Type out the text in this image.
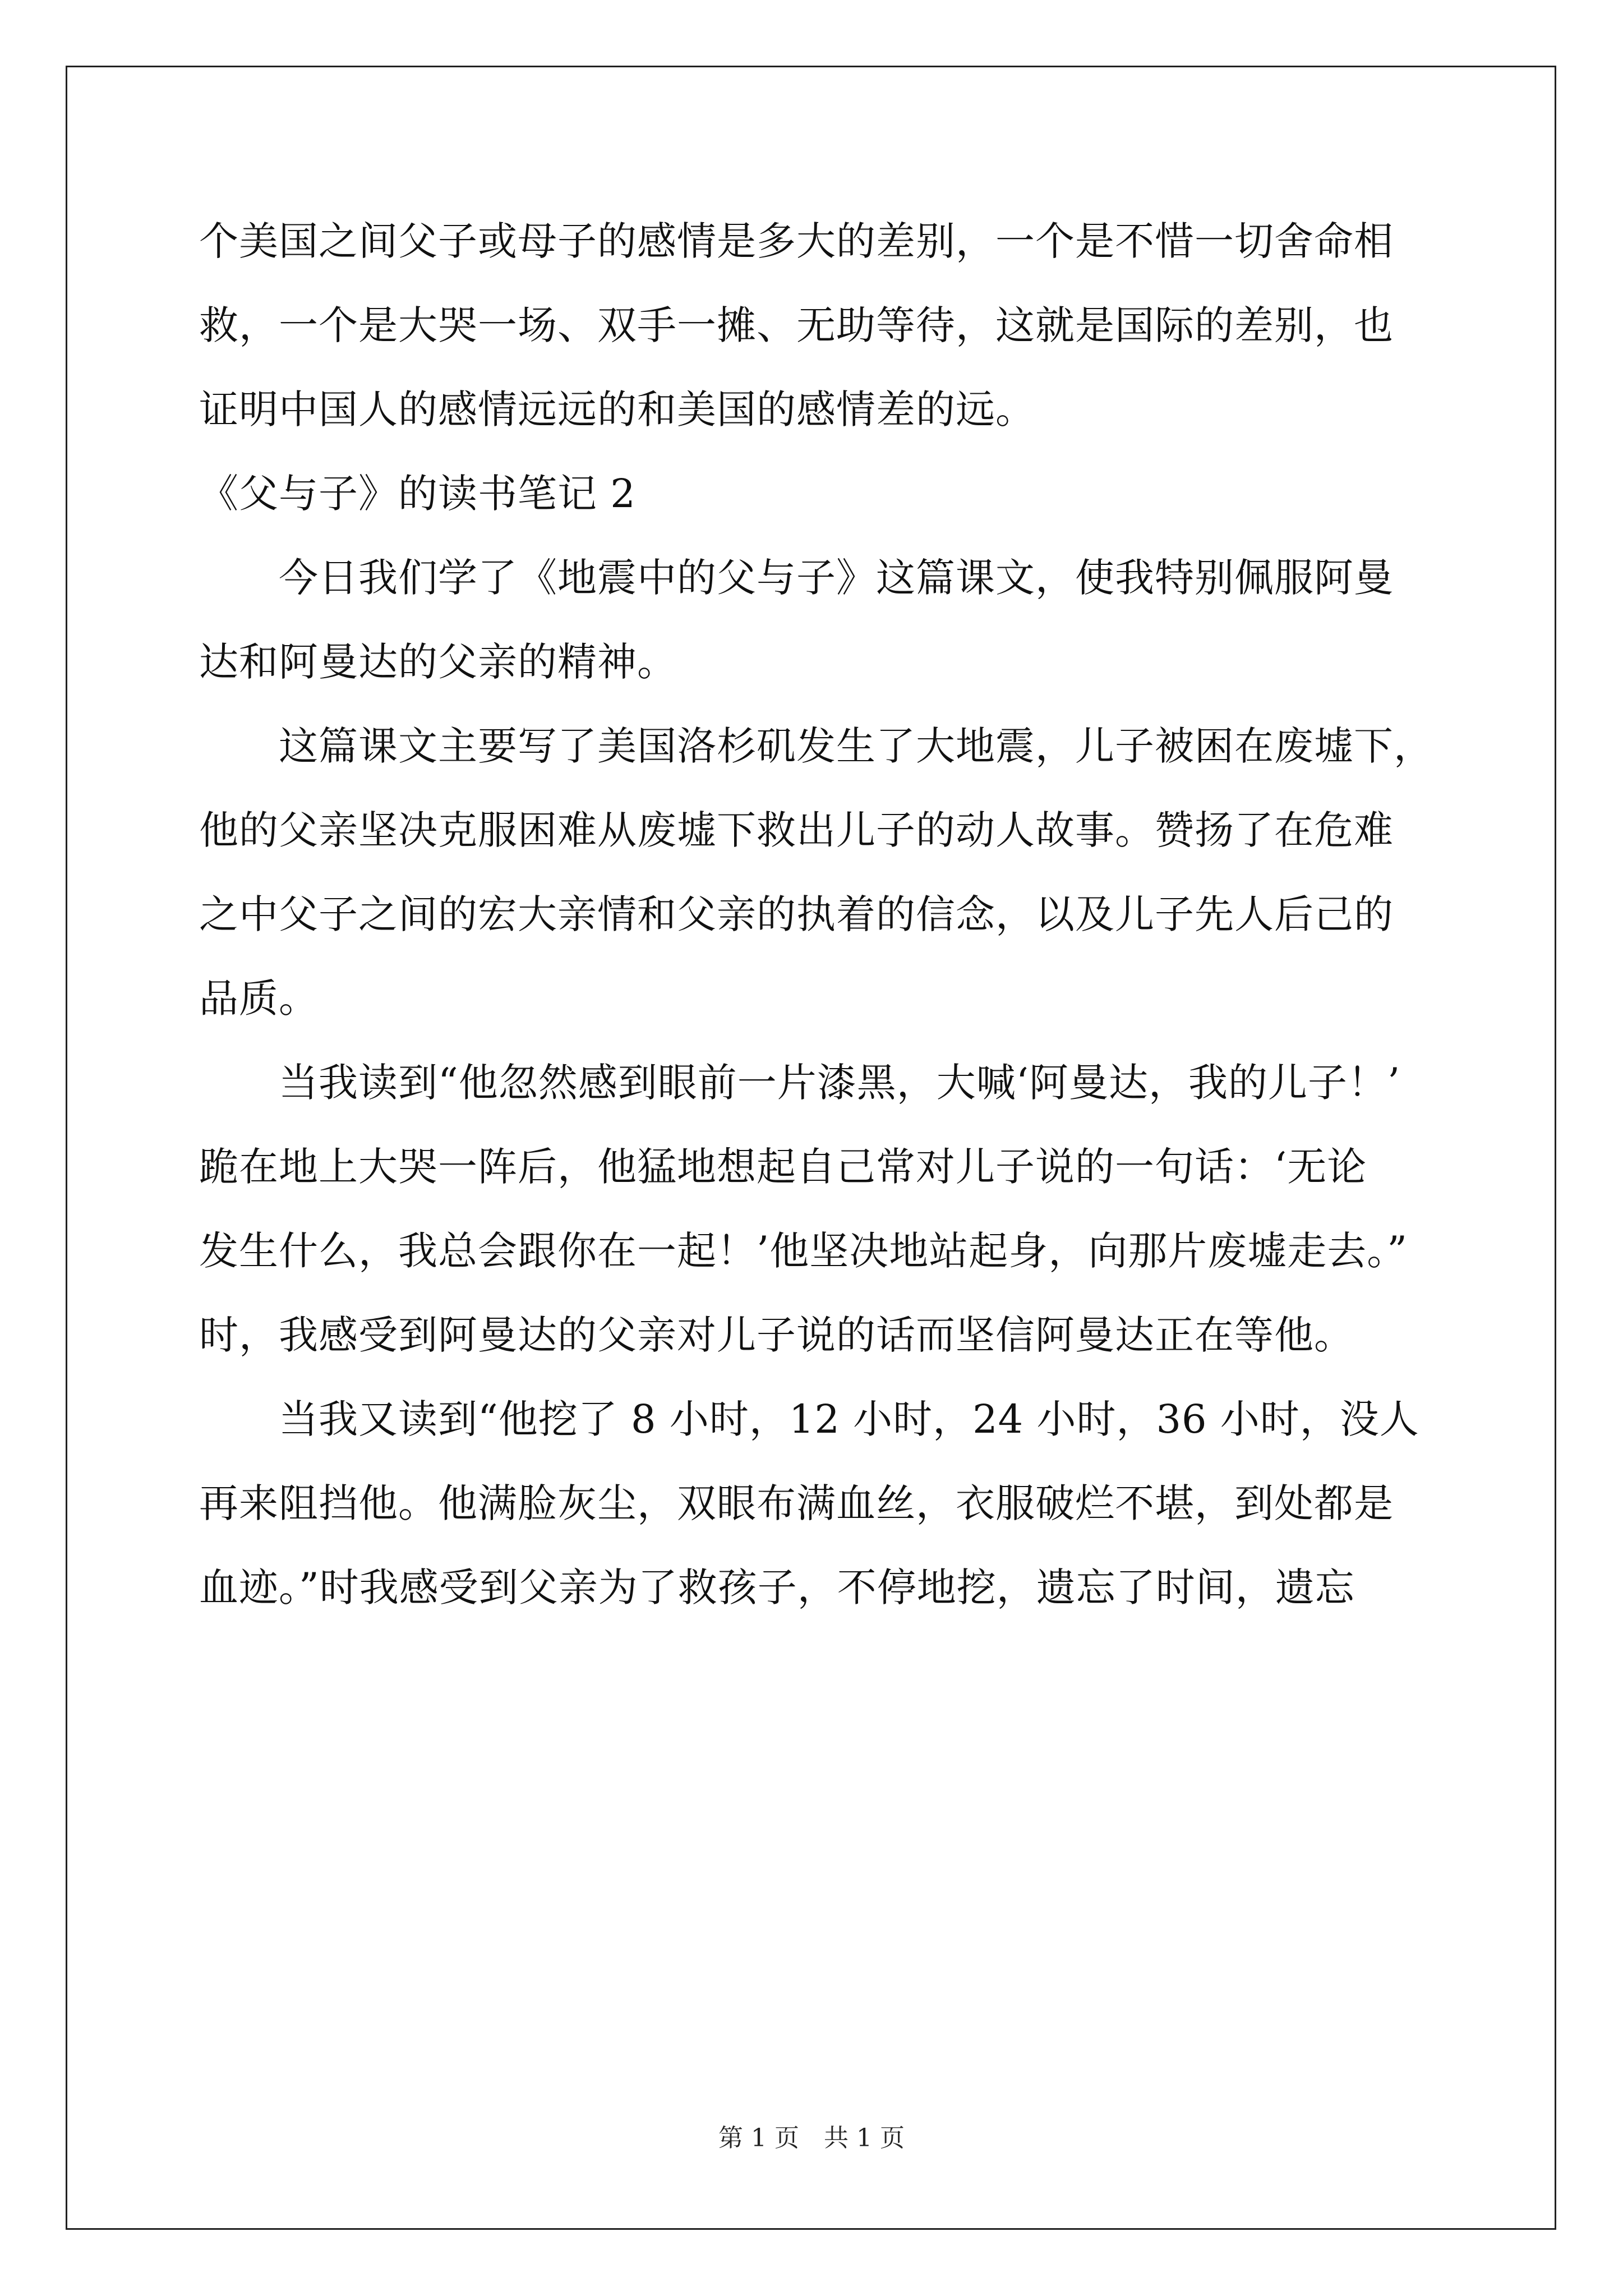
个美国之间父子或母子的感情是多大的差别，一个是不惜一切舍命相
救，一个是大哭一场、双手一摊、无助等待，这就是国际的差别，也
证明中国人的感情远远的和美国的感情差的远。
《父与子》的读书笔记 2
今日我们学了《地震中的父与子》这篇课文，使我特别佩服阿曼
达和阿曼达的父亲的精神。
这篇课文主要写了美国洛杉矶发生了大地震，儿子被困在废墟下，
他的父亲坚决克服困难从废墟下救出儿子的动人故事。赞扬了在危难
之中父子之间的宏大亲情和父亲的执着的信念，以及儿子先人后己的
品质。
当我读到“他忽然感到眼前一片漆黑，大喊‘阿曼达，我的儿子！’
跪在地上大哭一阵后，他猛地想起自己常对儿子说的一句话：‘无论
发生什么，我总会跟你在一起！’他坚决地站起身，向那片废墟走去。”
时，我感受到阿曼达的父亲对儿子说的话而坚信阿曼达正在等他。
当我又读到“他挖了 8 小时，12 小时，24 小时，36 小时，没人
再来阻挡他。他满脸灰尘，双眼布满血丝，衣服破烂不堪，到处都是
血迹。”时我感受到父亲为了救孩子，不停地挖，遗忘了时间，遗忘
第 1 页　共 1 页
